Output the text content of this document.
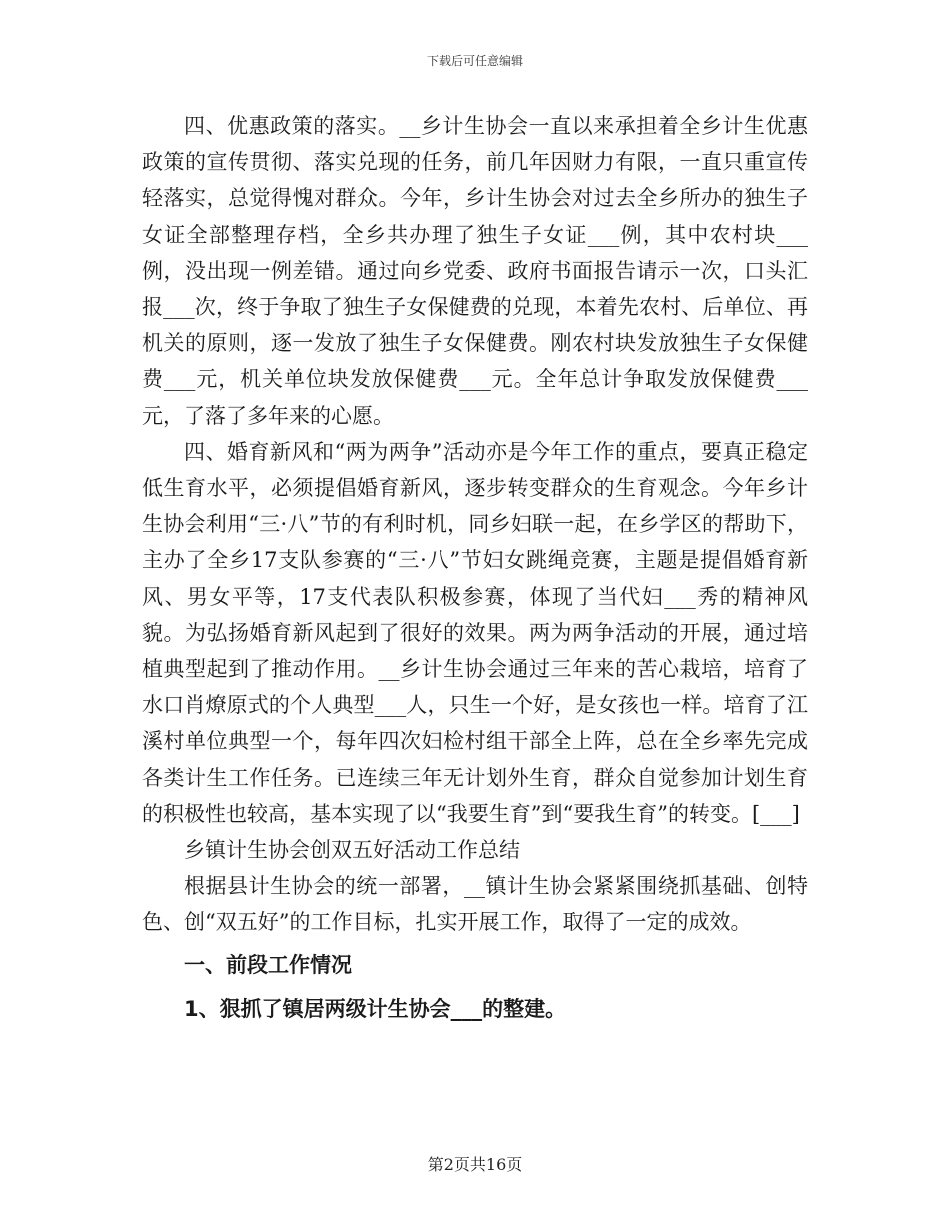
下载后可任意编辑

四、优惠政策的落实。__乡计生协会一直以来承担着全乡计生优惠政策的宣传贯彻、落实兑现的任务，前几年因财力有限，一直只重宣传轻落实，总觉得愧对群众。今年，乡计生协会对过去全乡所办的独生子女证全部整理存档，全乡共办理了独生子女证___例，其中农村块___例，没出现一例差错。通过向乡党委、政府书面报告请示一次，口头汇报___次，终于争取了独生子女保健费的兑现，本着先农村、后单位、再机关的原则，逐一发放了独生子女保健费。刚农村块发放独生子女保健费___元，机关单位块发放保健费___元。全年总计争取发放保健费___元，了落了多年来的心愿。

四、婚育新风和“两为两争”活动亦是今年工作的重点，要真正稳定低生育水平，必须提倡婚育新风，逐步转变群众的生育观念。今年乡计生协会利用“三·八”节的有利时机，同乡妇联一起，在乡学区的帮助下，主办了全乡17支队参赛的“三·八”节妇女跳绳竞赛，主题是提倡婚育新风、男女平等，17支代表队积极参赛，体现了当代妇___秀的精神风貌。为弘扬婚育新风起到了很好的效果。两为两争活动的开展，通过培植典型起到了推动作用。__乡计生协会通过三年来的苦心栽培，培育了水口肖燎原式的个人典型___人，只生一个好，是女孩也一样。培育了江溪村单位典型一个，每年四次妇检村组干部全上阵，总在全乡率先完成各类计生工作任务。已连续三年无计划外生育，群众自觉参加计划生育的积极性也较高，基本实现了以“我要生育”到“要我生育”的转变。[___]

乡镇计生协会创双五好活动工作总结

根据县计生协会的统一部署，__镇计生协会紧紧围绕抓基础、创特色、创“双五好”的工作目标，扎实开展工作，取得了一定的成效。

一、前段工作情况

1、狠抓了镇居两级计生协会___的整建。

第2页共16页
